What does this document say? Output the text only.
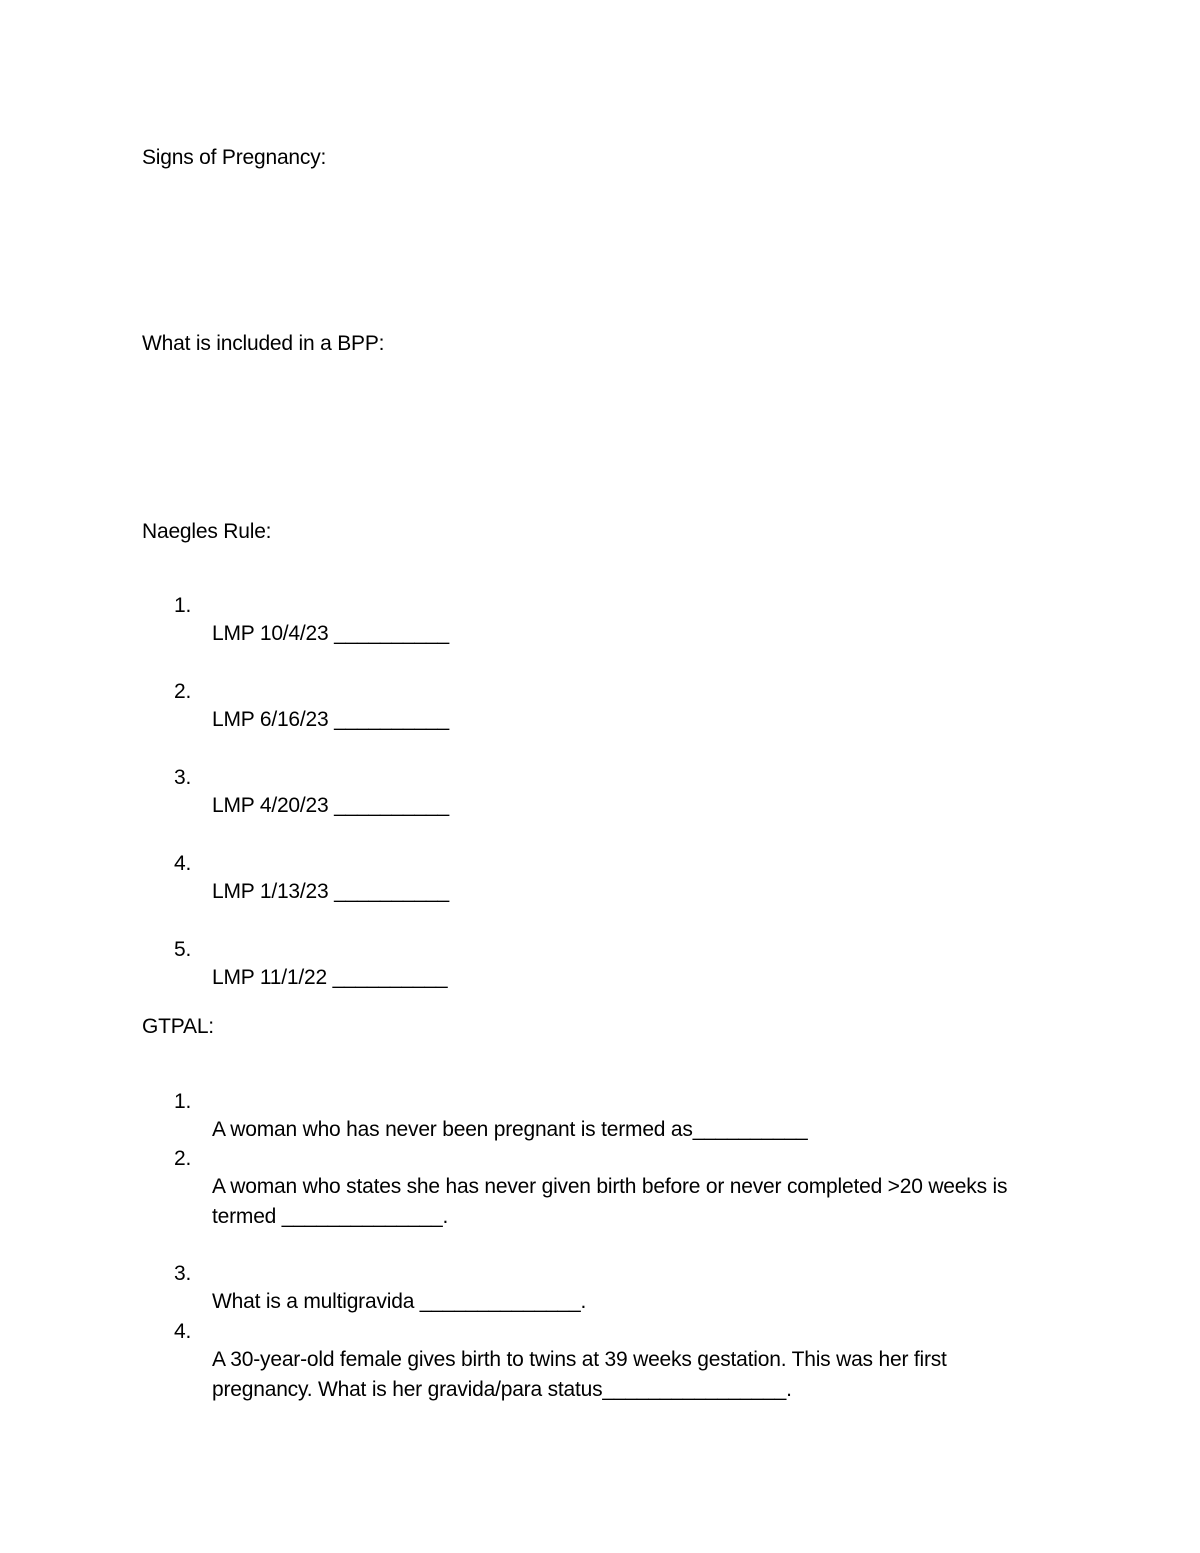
Signs of Pregnancy:
What is included in a BPP:
Naegles Rule:

1.

LMP 10/4/23 __________

2.

LMP 6/16/23 __________

3.

LMP 4/20/23 __________

4.

LMP 1/13/23 __________

5.

LMP 11/1/22 __________

GTPAL:

1.

A woman who has never been pregnant is termed as__________

2.

A woman who states she has never given birth before or never completed >20 weeks is

termed ______________.

3.

What is a multigravida ______________.

4.

A 30-year-old female gives birth to twins at 39 weeks gestation. This was her first

pregnancy. What is her gravida/para status________________.
